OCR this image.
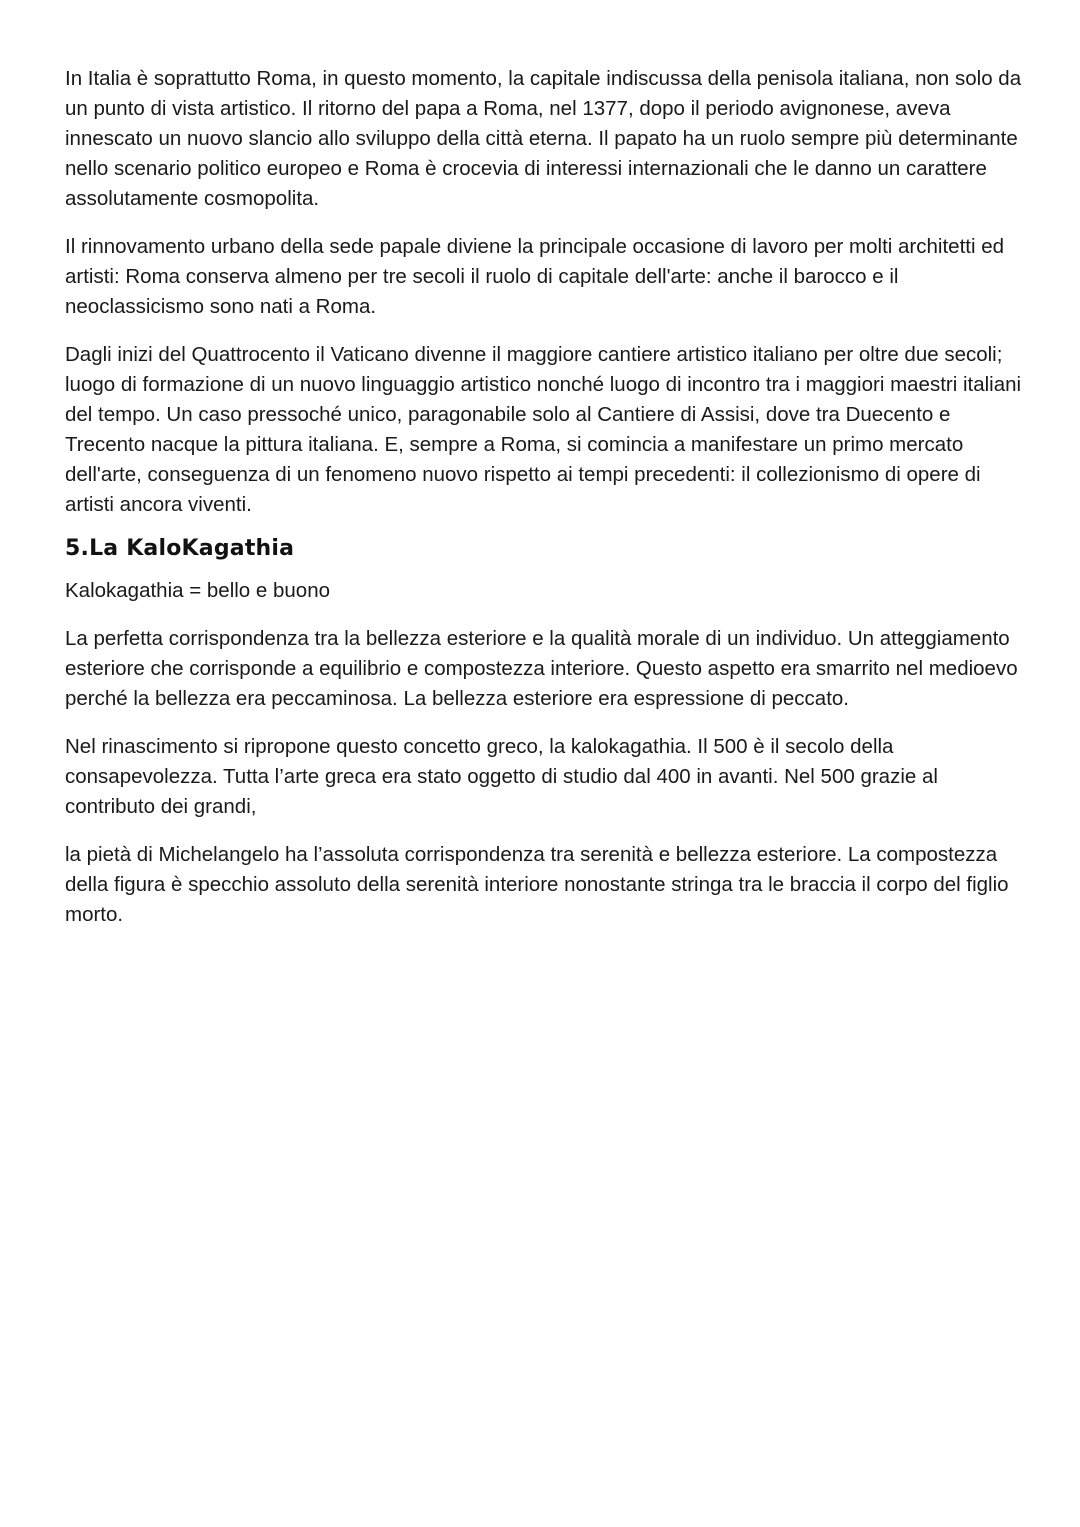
In Italia è soprattutto Roma, in questo momento, la capitale indiscussa della penisola italiana, non solo da un punto di vista artistico. Il ritorno del papa a Roma, nel 1377, dopo il periodo avignonese, aveva innescato un nuovo slancio allo sviluppo della città eterna. Il papato ha un ruolo sempre più determinante nello scenario politico europeo e Roma è crocevia di interessi internazionali che le danno un carattere assolutamente cosmopolita.

Il rinnovamento urbano della sede papale diviene la principale occasione di lavoro per molti architetti ed artisti: Roma conserva almeno per tre secoli il ruolo di capitale dell'arte: anche il barocco e il neoclassicismo sono nati a Roma.

Dagli inizi del Quattrocento il Vaticano divenne il maggiore cantiere artistico italiano per oltre due secoli; luogo di formazione di un nuovo linguaggio artistico nonché luogo di incontro tra i maggiori maestri italiani del tempo. Un caso pressoché unico, paragonabile solo al Cantiere di Assisi, dove tra Duecento e Trecento nacque la pittura italiana. E, sempre a Roma, si comincia a manifestare un primo mercato dell'arte, conseguenza di un fenomeno nuovo rispetto ai tempi precedenti: il collezionismo di opere di artisti ancora viventi.

5.La KaloKagathia

Kalokagathia = bello e buono

La perfetta corrispondenza tra la bellezza esteriore e la qualità morale di un individuo. Un atteggiamento esteriore che corrisponde a equilibrio e compostezza interiore. Questo aspetto era smarrito nel medioevo perché la bellezza era peccaminosa. La bellezza esteriore era espressione di peccato.

Nel rinascimento si ripropone questo concetto greco, la kalokagathia. Il 500 è il secolo della consapevolezza. Tutta l’arte greca era stato oggetto di studio dal 400 in avanti. Nel 500 grazie al contributo dei grandi,

la pietà di Michelangelo ha l’assoluta corrispondenza tra serenità e bellezza esteriore. La compostezza della figura è specchio assoluto della serenità interiore nonostante stringa tra le braccia il corpo del figlio morto.
